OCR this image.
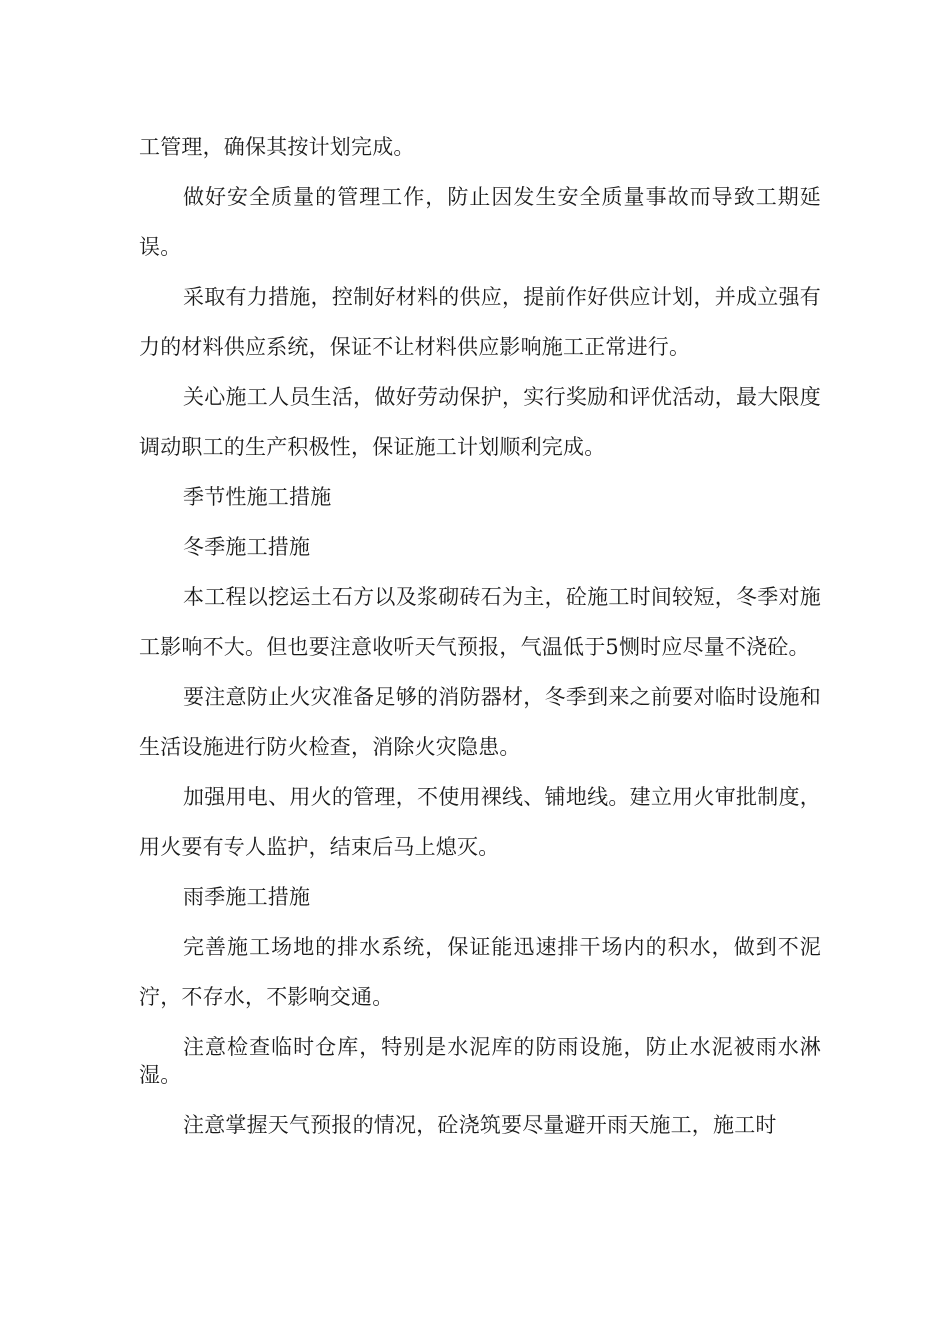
工管理，确保其按计划完成。

做好安全质量的管理工作，防止因发生安全质量事故而导致工期延误。

采取有力措施，控制好材料的供应，提前作好供应计划，并成立强有力的材料供应系统，保证不让材料供应影响施工正常进行。

关心施工人员生活，做好劳动保护，实行奖励和评优活动，最大限度调动职工的生产积极性，保证施工计划顺利完成。

季节性施工措施

冬季施工措施

本工程以挖运土石方以及浆砌砖石为主，砼施工时间较短，冬季对施工影响不大。但也要注意收听天气预报，气温低于5恻时应尽量不浇砼。

要注意防止火灾准备足够的消防器材，冬季到来之前要对临时设施和生活设施进行防火检查，消除火灾隐患。

加强用电、用火的管理，不使用裸线、铺地线。建立用火审批制度，用火要有专人监护，结束后马上熄灭。

雨季施工措施

完善施工场地的排水系统，保证能迅速排干场内的积水，做到不泥泞，不存水，不影响交通。

注意检查临时仓库，特别是水泥库的防雨设施，防止水泥被雨水淋湿。

注意掌握天气预报的情况，砼浇筑要尽量避开雨天施工，施工时
